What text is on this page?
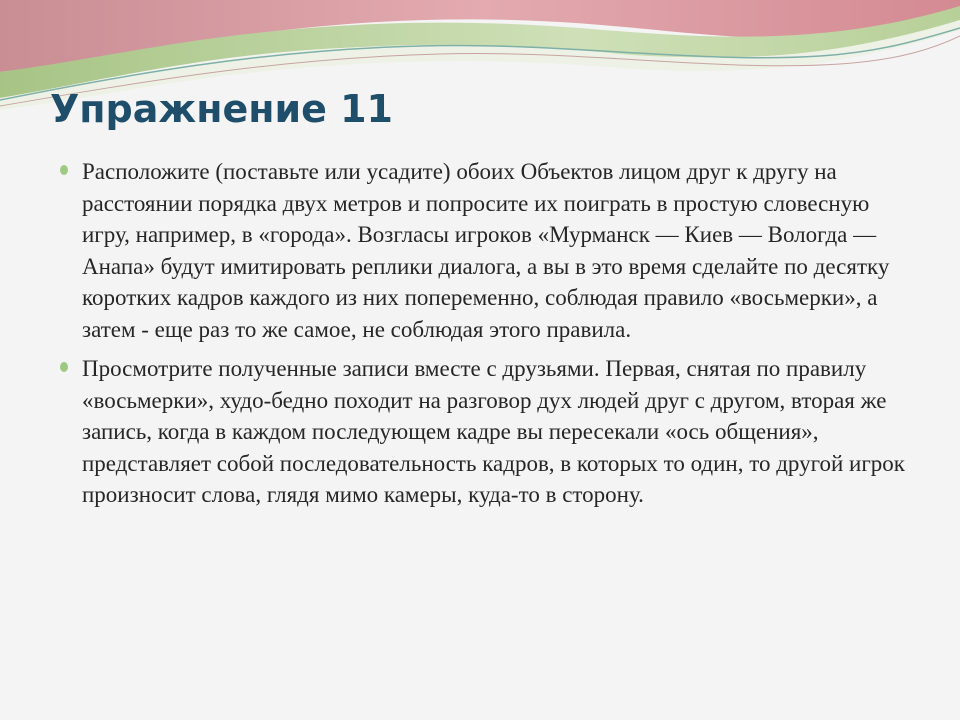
Упражнение 11
Расположите (поставьте или усадите) обоих Объектов лицом друг к другу на расстоянии порядка двух метров и попросите их поиграть в простую словесную игру, например, в «города». Возгласы игроков «Мурманск — Киев — Вологда — Анапа» будут имитировать реплики диалога, а вы в это время сделайте по десятку коротких кадров каждого из них попеременно, соблюдая правило «восьмерки», а затем - еще раз то же самое, не соблюдая этого правила.
Просмотрите полученные записи вместе с друзьями. Первая, снятая по правилу «восьмерки», худо-бедно походит на разговор дух людей друг с другом, вторая же запись, когда в каждом последующем кадре вы пересекали «ось общения», представляет собой последовательность кадров, в которых то один, то другой игрок произносит слова, глядя мимо камеры, куда-то в сторону.
